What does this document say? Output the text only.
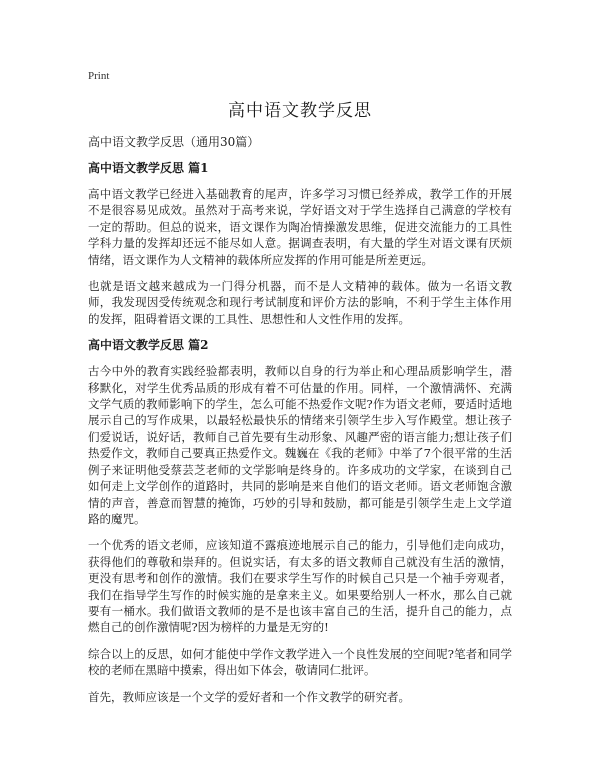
Print
高中语文教学反思

高中语文教学反思（通用30篇）

高中语文教学反思 篇1

高中语文教学已经进入基础教育的尾声，许多学习习惯已经养成，教学工作的开展不是很容易见成效。虽然对于高考来说，学好语文对于学生选择自己满意的学校有一定的帮助。但总的说来，语文课作为陶冶情操激发思维，促进交流能力的工具性学科力量的发挥却还远不能尽如人意。据调查表明，有大量的学生对语文课有厌烦情绪，语文课作为人文精神的载体所应发挥的作用可能是所差更远。

也就是语文越来越成为一门得分机器，而不是人文精神的载体。做为一名语文教师，我发现因受传统观念和现行考试制度和评价方法的影响，不利于学生主体作用的发挥，阻碍着语文课的工具性、思想性和人文性作用的发挥。

高中语文教学反思 篇2

古今中外的教育实践经验都表明，教师以自身的行为举止和心理品质影响学生，潜移默化，对学生优秀品质的形成有着不可估量的作用。同样，一个激情满怀、充满文学气质的教师影响下的学生，怎么可能不热爱作文呢?作为语文老师，要适时适地展示自己的写作成果，以最轻松最快乐的情绪来引领学生步入写作殿堂。想让孩子们爱说话，说好话，教师自己首先要有生动形象、风趣严密的语言能力;想让孩子们热爱作文，教师自己要真正热爱作文。魏巍在《我的老师》中举了7个很平常的生活例子来证明他受蔡芸芝老师的文学影响是终身的。许多成功的文学家，在谈到自己如何走上文学创作的道路时，共同的影响是来自他们的语文老师。语文老师饱含激情的声音，善意而智慧的掩饰，巧妙的引导和鼓励，都可能是引领学生走上文学道路的魔咒。

一个优秀的语文老师，应该知道不露痕迹地展示自己的能力，引导他们走向成功，获得他们的尊敬和崇拜的。但说实话，有太多的语文教师自己就没有生活的激情，更没有思考和创作的激情。我们在要求学生写作的时候自己只是一个袖手旁观者，我们在指导学生写作的时候实施的是拿来主义。如果要给别人一杯水，那么自己就要有一桶水。我们做语文教师的是不是也该丰富自己的生活，提升自己的能力，点燃自己的创作激情呢?因为榜样的力量是无穷的!

综合以上的反思，如何才能使中学作文教学进入一个良性发展的空间呢?笔者和同学校的老师在黑暗中摸索，得出如下体会，敬请同仁批评。

首先，教师应该是一个文学的爱好者和一个作文教学的研究者。
